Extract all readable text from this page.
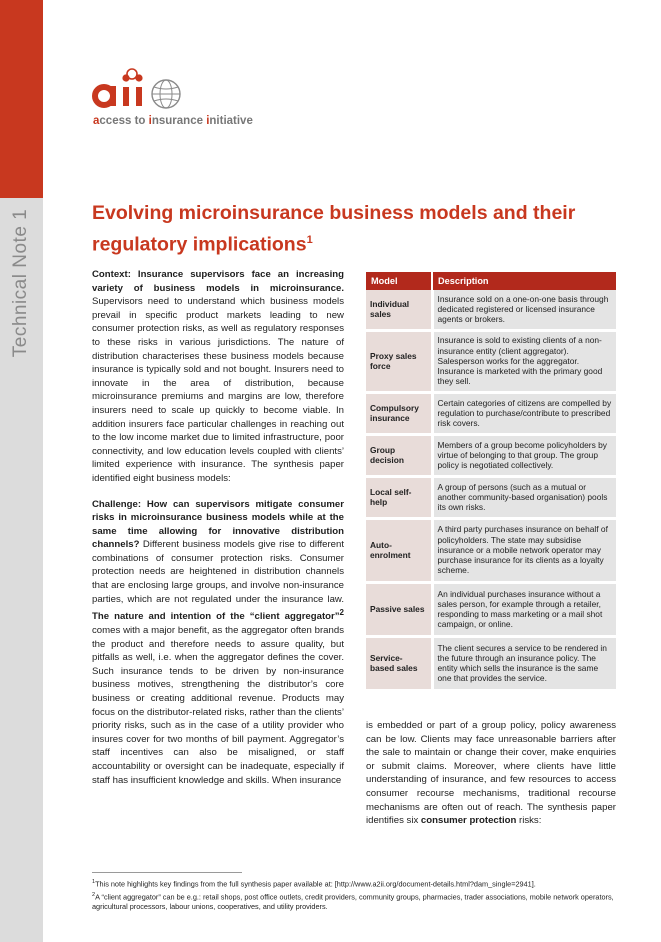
Technical Note 1
access to insurance initiative
Evolving microinsurance business models and their regulatory implications$^1$

Context: Insurance supervisors face an increasing variety of business models in microinsurance. Supervisors need to understand which business models prevail in specific product markets leading to new consumer protection risks, as well as regulatory responses to these risks in various jurisdictions. The nature of distribution characterises these business models because insurance is typically sold and not bought. Insurers need to innovate in the area of distribution, because microinsurance premiums and margins are low, therefore insurers need to scale up quickly to become viable. In addition insurers face particular challenges in reaching out to the low income market due to limited infrastructure, poor connectivity, and low education levels coupled with clients’ limited experience with insurance. The synthesis paper identified eight business models:

Challenge: How can supervisors mitigate consumer risks in microinsurance business models while at the same time allowing for innovative distribution channels? Different business models give rise to different combinations of consumer protection risks. Consumer protection needs are heightened in distribution channels that are enclosing large groups, and involve non-insurance parties, which are not regulated under the insurance law. The nature and intention of the “client aggregator”$^2$ comes with a major benefit, as the aggregator often brands the product and therefore needs to assure quality, but pitfalls as well, i.e. when the aggregator defines the cover. Such insurance tends to be driven by non-insurance business motives, strengthening the distributor’s core business or creating additional revenue. Products may focus on the distributor-related risks, rather than the clients’ priority risks, such as in the case of a utility provider who insures cover for two months of bill payment. Aggregator’s staff incentives can also be misaligned, or staff accountability or oversight can be inadequate, especially if staff has insufficient knowledge and skills. When insurance

Model	Description
Individual sales	Insurance sold on a one-on-one basis through dedicated registered or licensed insurance agents or brokers.
Proxy sales force	Insurance is sold to existing clients of a non-insurance entity (client aggregator). Salesperson works for the aggregator. Insurance is marketed with the primary good they sell.
Compulsory insurance	Certain categories of citizens are compelled by regulation to purchase/contribute to prescribed risk covers.
Group decision	Members of a group become policyholders by virtue of belonging to that group. The group policy is negotiated collectively.
Local self-help	A group of persons (such as a mutual or another community-based organisation) pools its own risks.
Auto-enrolment	A third party purchases insurance on behalf of policyholders. The state may subsidise insurance or a mobile network operator may purchase insurance for its clients as a loyalty scheme.
Passive sales	An individual purchases insurance without a sales person, for example through a retailer, responding to mass marketing or a mail shot campaign, or online.
Service-based sales	The client secures a service to be rendered in the future through an insurance policy. The entity which sells the insurance is the same one that provides the service.

is embedded or part of a group policy, policy awareness can be low. Clients may face unreasonable barriers after the sale to maintain or change their cover, make enquiries or submit claims. Moreover, where clients have little understanding of insurance, and few resources to access consumer recourse mechanisms, traditional recourse mechanisms are often out of reach. The synthesis paper identifies six consumer protection risks:

$^1$This note highlights key findings from the full synthesis paper available at: [http://www.a2ii.org/document-details.html?dam_single=2941].

$^2$A “client aggregator” can be e.g.: retail shops, post office outlets, credit providers, community groups, pharmacies, trader associations, mobile network operators, agricultural processors, labour unions, cooperatives, and utility providers.
